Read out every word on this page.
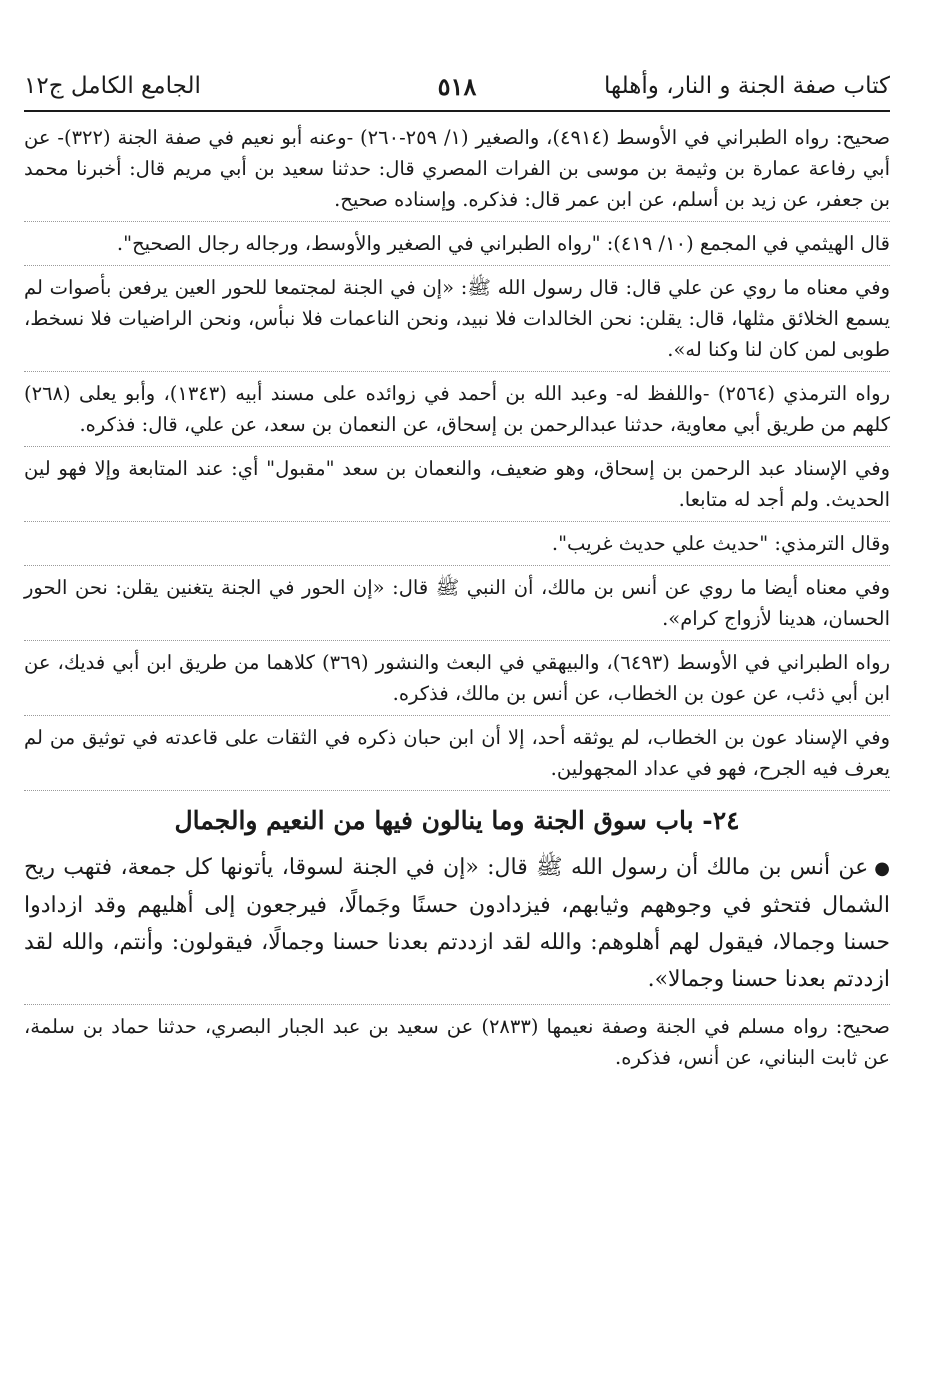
كتاب صفة الجنة و النار، وأهلها
٥١٨
الجامع الكامل ج١٢

صحيح: رواه الطبراني في الأوسط (٤٩١٤)، والصغير (١/ ٢٥٩-٢٦٠) -وعنه أبو نعيم في صفة الجنة (٣٢٢)- عن أبي رفاعة عمارة بن وثيمة بن موسى بن الفرات المصري قال: حدثنا سعيد بن أبي مريم قال: أخبرنا محمد بن جعفر، عن زيد بن أسلم، عن ابن عمر قال: فذكره. وإسناده صحيح.

قال الهيثمي في المجمع (١٠/ ٤١٩): "رواه الطبراني في الصغير والأوسط، ورجاله رجال الصحيح".

وفي معناه ما روي عن علي قال: قال رسول الله ﷺ: «إن في الجنة لمجتمعا للحور العين يرفعن بأصوات لم يسمع الخلائق مثلها، قال: يقلن: نحن الخالدات فلا نبيد، ونحن الناعمات فلا نبأس، ونحن الراضيات فلا نسخط، طوبى لمن كان لنا وكنا له».

رواه الترمذي (٢٥٦٤) -واللفظ له- وعبد الله بن أحمد في زوائده على مسند أبيه (١٣٤٣)، وأبو يعلى (٢٦٨) كلهم من طريق أبي معاوية، حدثنا عبدالرحمن بن إسحاق، عن النعمان بن سعد، عن علي، قال: فذكره.

وفي الإسناد عبد الرحمن بن إسحاق، وهو ضعيف، والنعمان بن سعد "مقبول" أي: عند المتابعة وإلا فهو لين الحديث. ولم أجد له متابعا.

وقال الترمذي: "حديث علي حديث غريب".

وفي معناه أيضا ما روي عن أنس بن مالك، أن النبي ﷺ قال: «إن الحور في الجنة يتغنين يقلن: نحن الحور الحسان، هدينا لأزواج كرام».

رواه الطبراني في الأوسط (٦٤٩٣)، والبيهقي في البعث والنشور (٣٦٩) كلاهما من طريق ابن أبي فديك، عن ابن أبي ذئب، عن عون بن الخطاب، عن أنس بن مالك، فذكره.

وفي الإسناد عون بن الخطاب، لم يوثقه أحد، إلا أن ابن حبان ذكره في الثقات على قاعدته في توثيق من لم يعرف فيه الجرح، فهو في عداد المجهولين.

٢٤- باب سوق الجنة وما ينالون فيها من النعيم والجمال

●عن أنس بن مالك أن رسول الله ﷺ قال: «إن في الجنة لسوقا، يأتونها كل جمعة، فتهب ريح الشمال فتحثو في وجوههم وثيابهم، فيزدادون حسنًا وجَمالًا، فيرجعون إلى أهليهم وقد ازدادوا حسنا وجمالا، فيقول لهم أهلوهم: والله لقد ازددتم بعدنا حسنا وجمالًا، فيقولون: وأنتم، والله لقد ازددتم بعدنا حسنا وجمالا».

صحيح: رواه مسلم في الجنة وصفة نعيمها (٢٨٣٣) عن سعيد بن عبد الجبار البصري، حدثنا حماد بن سلمة، عن ثابت البناني، عن أنس، فذكره.
